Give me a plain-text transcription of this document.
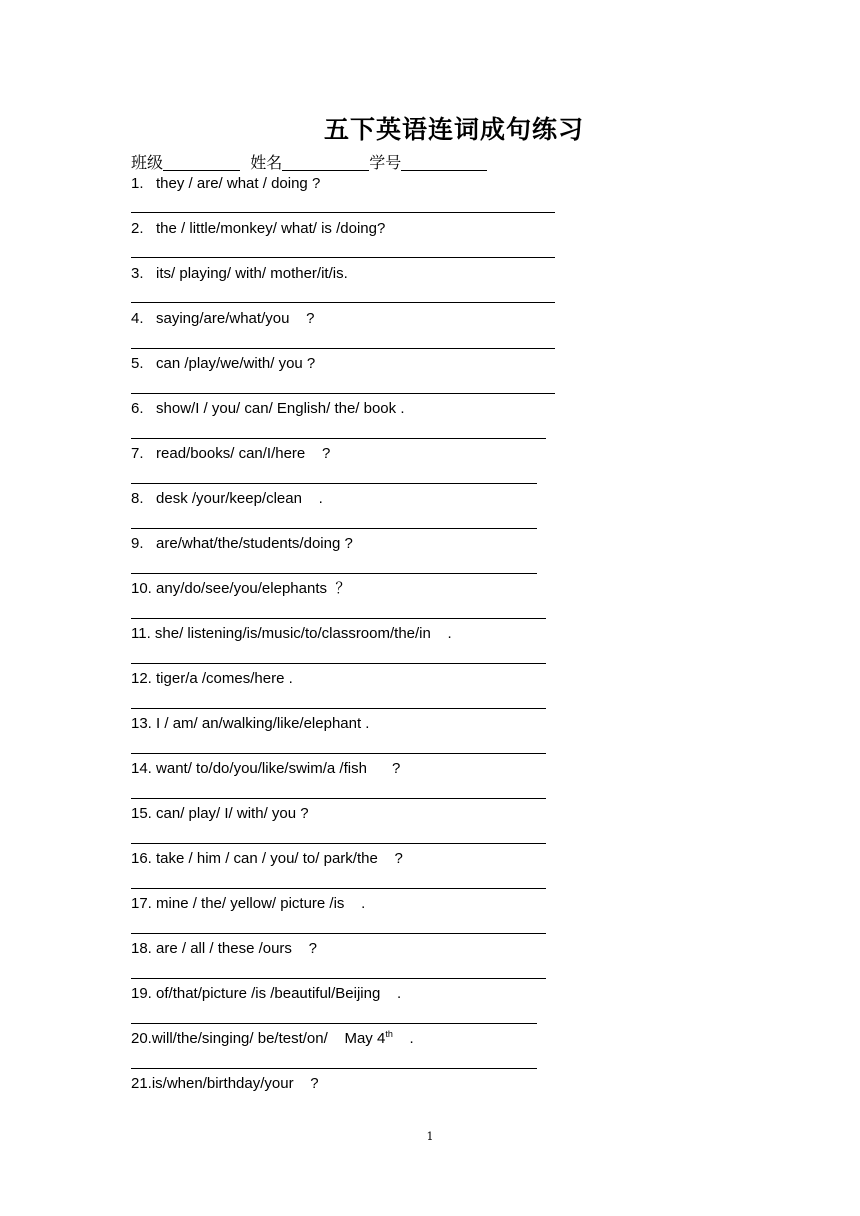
五下英语连词成句练习
班级	姓名	学号
1.   they / are/ what / doing ?
2.   the / little/monkey/ what/ is /doing?
3.   its/ playing/ with/ mother/it/is.
4.   saying/are/what/you    ?
5.   can /play/we/with/ you ?
6.   show/I / you/ can/ English/ the/ book .
7.   read/books/ can/I/here    ?
8.   desk /your/keep/clean    .
9.   are/what/the/students/doing ?
10. any/do/see/you/elephants  ？
11. she/ listening/is/music/to/classroom/the/in    .
12. tiger/a /comes/here .
13. I / am/ an/walking/like/elephant .
14. want/ to/do/you/like/swim/a /fish      ?
15. can/ play/ I/ with/ you ?
16. take / him / can / you/ to/ park/the    ?
17. mine / the/ yellow/ picture /is    .
18. are / all / these /ours    ?
19. of/that/picture /is /beautiful/Beijing    .
20.will/the/singing/ be/test/on/    May 4th    .
21.is/when/birthday/your    ?
1
